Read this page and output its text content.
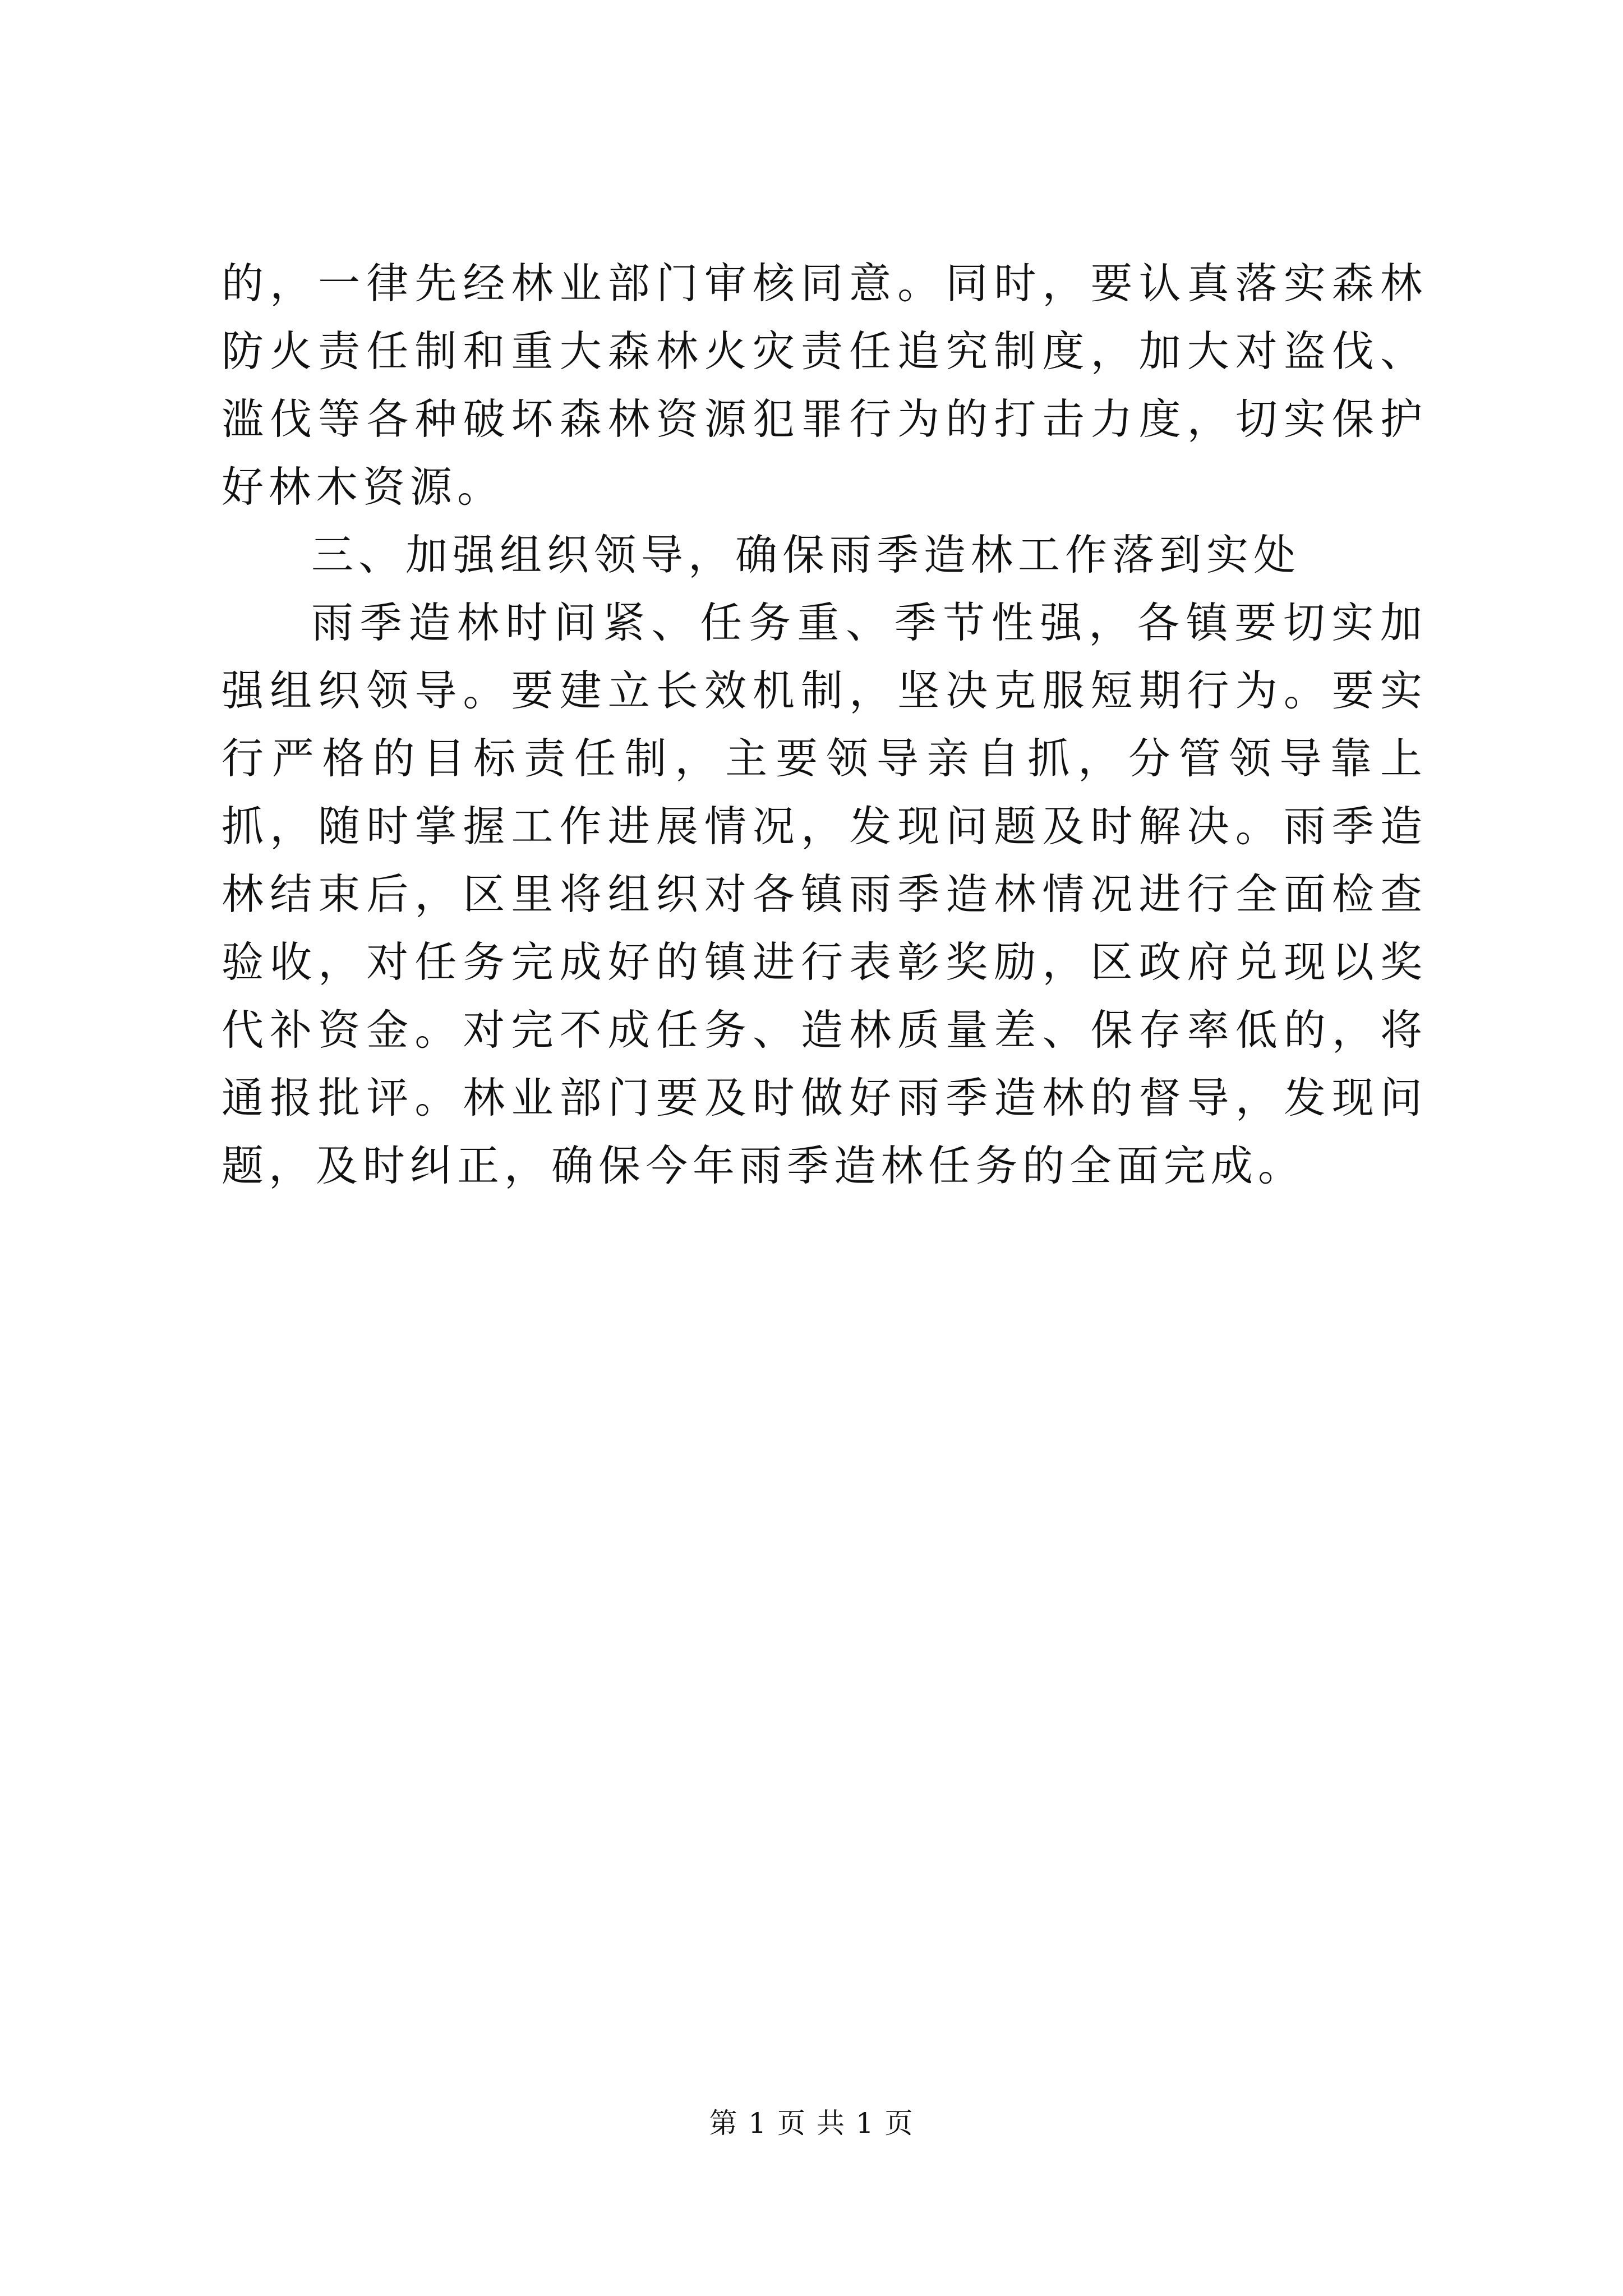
的，一律先经林业部门审核同意。同时，要认真落实森林防火责任制和重大森林火灾责任追究制度，加大对盗伐、滥伐等各种破坏森林资源犯罪行为的打击力度，切实保护好林木资源。

三、加强组织领导，确保雨季造林工作落到实处

雨季造林时间紧、任务重、季节性强，各镇要切实加强组织领导。要建立长效机制，坚决克服短期行为。要实行严格的目标责任制，主要领导亲自抓，分管领导靠上抓，随时掌握工作进展情况，发现问题及时解决。雨季造林结束后，区里将组织对各镇雨季造林情况进行全面检查验收，对任务完成好的镇进行表彰奖励，区政府兑现以奖代补资金。对完不成任务、造林质量差、保存率低的，将通报批评。林业部门要及时做好雨季造林的督导，发现问题，及时纠正，确保今年雨季造林任务的全面完成。

第 1 页 共 1 页
